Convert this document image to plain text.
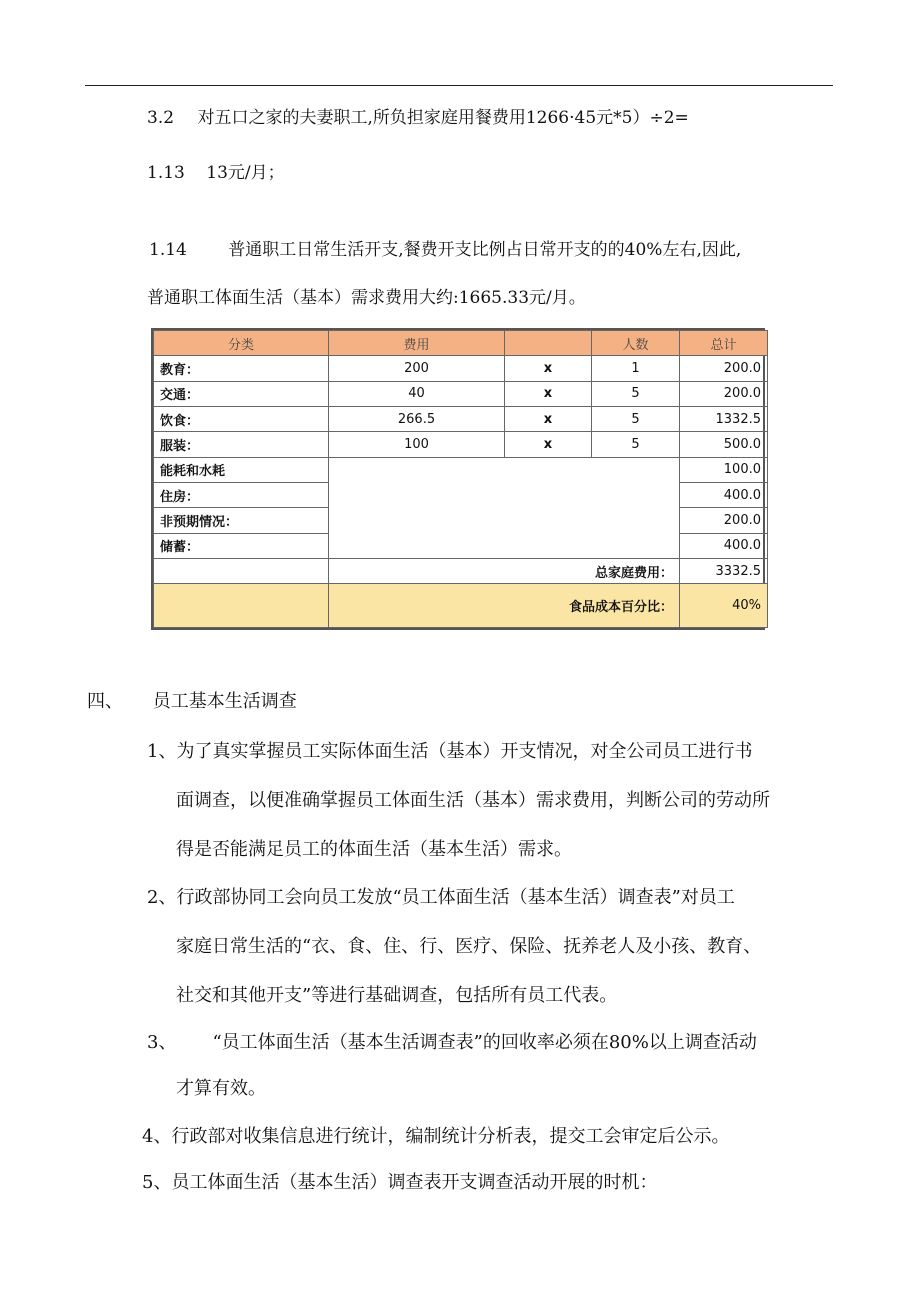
3.2 对五口之家的夫妻职工,所负担家庭用餐费用1266·45元*5）÷2=
1.13 13元/月；
1.14 普通职工日常生活开支,餐费开支比例占日常开支的的40%左右,因此,
普通职工体面生活（基本）需求费用大约:1665.33元/月。
分类	费用		人数	总计
教育：	200	x	1	200.0
交通：	40	x	5	200.0
饮食：	266.5	x	5	1332.5
服装：	100	x	5	500.0
能耗和水耗				100.0
住房：				400.0
非预期情况：				200.0
储蓄：				400.0
	总家庭费用：			3332.5
	食品成本百分比：			40%
四、 员工基本生活调查
1、为了真实掌握员工实际体面生活（基本）开支情况，对全公司员工进行书
面调查，以便准确掌握员工体面生活（基本）需求费用，判断公司的劳动所
得是否能满足员工的体面生活（基本生活）需求。
2、行政部协同工会向员工发放“员工体面生活（基本生活）调查表”对员工
家庭日常生活的“衣、食、住、行、医疗、保险、抚养老人及小孩、教育、
社交和其他开支”等进行基础调查，包括所有员工代表。
3、 “员工体面生活（基本生活调查表”的回收率必须在80%以上调查活动
才算有效。
4、行政部对收集信息进行统计，编制统计分析表，提交工会审定后公示。
5、员工体面生活（基本生活）调查表开支调查活动开展的时机：
